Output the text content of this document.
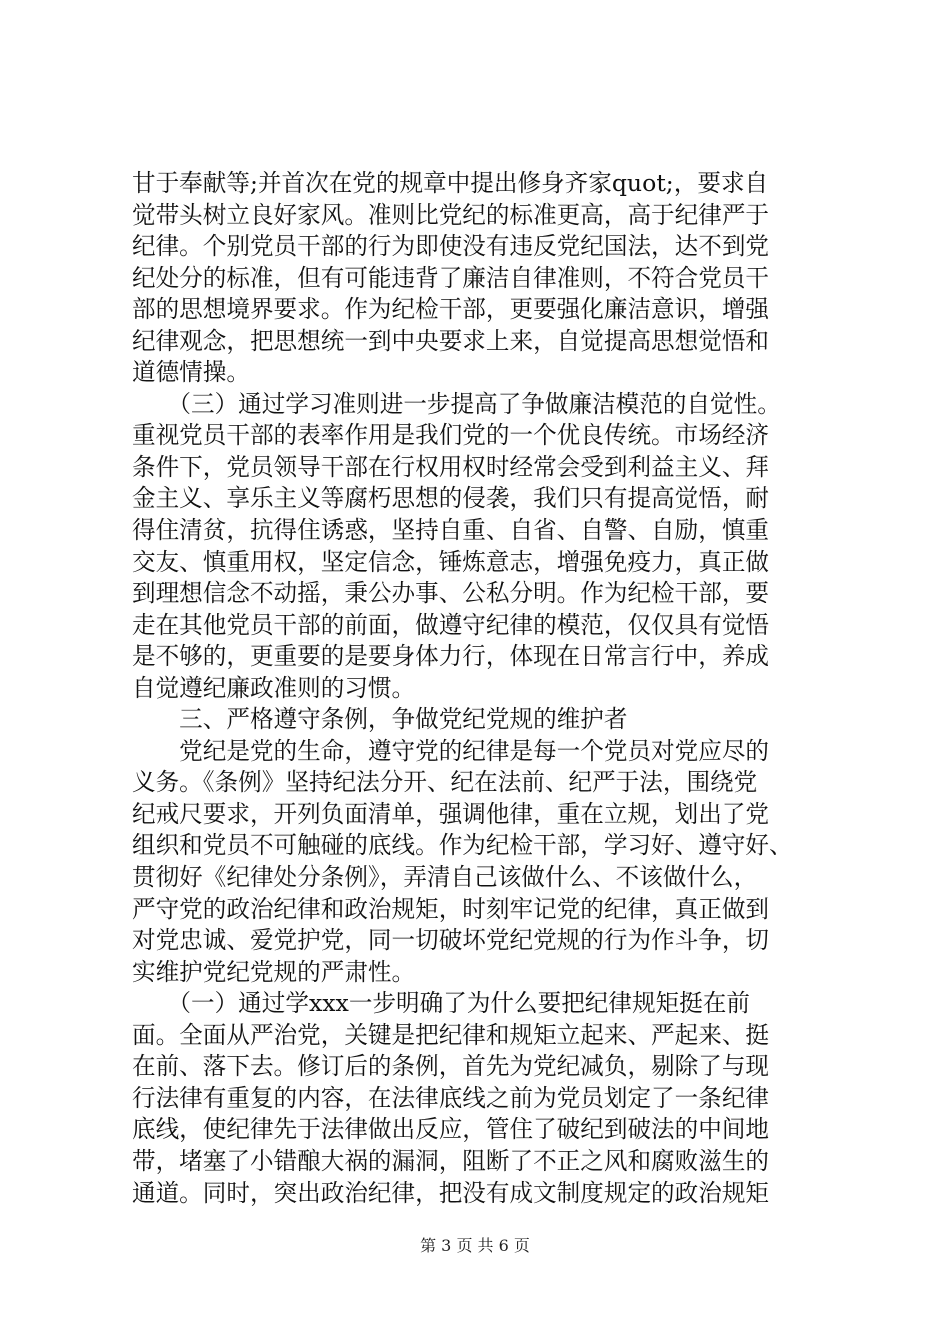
甘于奉献等;并首次在党的规章中提出修身齐家quot;，要求自
觉带头树立良好家风。准则比党纪的标准更高，高于纪律严于
纪律。个别党员干部的行为即使没有违反党纪国法，达不到党
纪处分的标准，但有可能违背了廉洁自律准则，不符合党员干
部的思想境界要求。作为纪检干部，更要强化廉洁意识，增强
纪律观念，把思想统一到中央要求上来，自觉提高思想觉悟和
道德情操。
　　（三）通过学习准则进一步提高了争做廉洁模范的自觉性。
重视党员干部的表率作用是我们党的一个优良传统。市场经济
条件下，党员领导干部在行权用权时经常会受到利益主义、拜
金主义、享乐主义等腐朽思想的侵袭，我们只有提高觉悟，耐
得住清贫，抗得住诱惑，坚持自重、自省、自警、自励，慎重
交友、慎重用权，坚定信念，锤炼意志，增强免疫力，真正做
到理想信念不动摇，秉公办事、公私分明。作为纪检干部，要
走在其他党员干部的前面，做遵守纪律的模范，仅仅具有觉悟
是不够的，更重要的是要身体力行，体现在日常言行中，养成
自觉遵纪廉政准则的习惯。
　　三、严格遵守条例，争做党纪党规的维护者
　　党纪是党的生命，遵守党的纪律是每一个党员对党应尽的
义务。《条例》坚持纪法分开、纪在法前、纪严于法，围绕党
纪戒尺要求，开列负面清单，强调他律，重在立规，划出了党
组织和党员不可触碰的底线。作为纪检干部，学习好、遵守好、
贯彻好《纪律处分条例》，弄清自己该做什么、不该做什么，
严守党的政治纪律和政治规矩，时刻牢记党的纪律，真正做到
对党忠诚、爱党护党，同一切破坏党纪党规的行为作斗争，切
实维护党纪党规的严肃性。
　　（一）通过学xxx一步明确了为什么要把纪律规矩挺在前
面。全面从严治党，关键是把纪律和规矩立起来、严起来、挺
在前、落下去。修订后的条例，首先为党纪减负，剔除了与现
行法律有重复的内容，在法律底线之前为党员划定了一条纪律
底线，使纪律先于法律做出反应，管住了破纪到破法的中间地
带，堵塞了小错酿大祸的漏洞，阻断了不正之风和腐败滋生的
通道。同时，突出政治纪律，把没有成文制度规定的政治规矩
第 3 页 共 6 页
